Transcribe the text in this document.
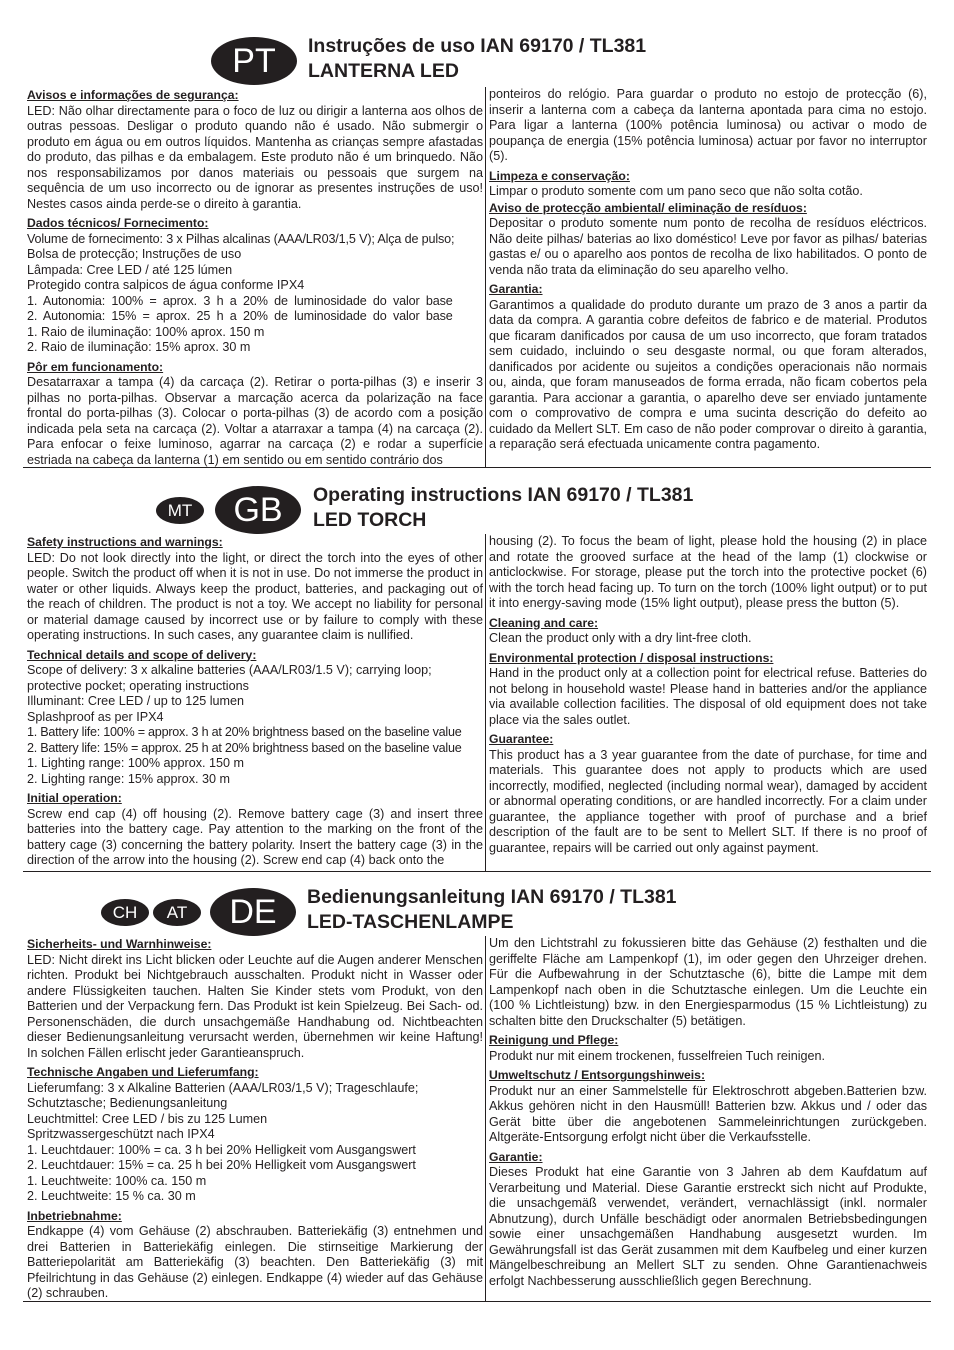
PT	Instruções de uso IAN 69170 / TL381
LANTERNA LED
Avisos e informações de segurança:
LED: Não olhar directamente para o foco de luz ou dirigir a lanterna aos olhos de outras pessoas. Desligar o produto quando não é usado. Não submergir o produto em água ou em outros líquidos. Mantenha as crianças sempre afastadas do produto, das pilhas e da embalagem. Este produto não é um brinquedo. Não nos responsabilizamos por danos materiais ou pessoais que surgem na sequência de um uso incorrecto ou de ignorar as presentes instruções de uso! Nestes casos ainda perde-se o direito à garantia.
Dados técnicos/ Fornecimento:
Volume de fornecimento: 3 x Pilhas alcalinas (AAA/LR03/1,5 V); Alça de pulso;
Bolsa de protecção; Instruções de uso
Lâmpada: Cree LED / até 125 lúmen
Protegido contra salpicos de água conforme IPX4
1. Autonomia: 100% = aprox. 3 h a 20% de luminosidade do valor base
2. Autonomia: 15% = aprox. 25 h a 20% de luminosidade do valor base
1. Raio de iluminação: 100% aprox. 150 m
2. Raio de iluminação: 15% aprox. 30 m
Pôr em funcionamento:
Desatarraxar a tampa (4) da carcaça (2). Retirar o porta-pilhas (3) e inserir 3 pilhas no porta-pilhas. Observar a marcação acerca da polarização na face frontal do porta-pilhas (3). Colocar o porta-pilhas (3) de acordo com a posição indicada pela seta na carcaça (2). Voltar a atarraxar a tampa (4) na carcaça (2). Para enfocar o feixe luminoso, agarrar na carcaça (2) e rodar a superfície estriada na cabeça da lanterna (1) em sentido ou em sentido contrário dos
ponteiros do relógio. Para guardar o produto no estojo de protecção (6), inserir a lanterna com a cabeça da lanterna apontada para cima no estojo. Para ligar a lanterna (100% potência luminosa) ou activar o modo de poupança de energia (15% potência luminosa) actuar por favor no interruptor (5).
Limpeza e conservação:
Limpar o produto somente com um pano seco que não solta cotão.
Aviso de protecção ambiental/ eliminação de resíduos:
Depositar o produto somente num ponto de recolha de resíduos eléctricos. Não deite pilhas/ baterias ao lixo doméstico! Leve por favor as pilhas/ baterias gastas e/ ou o aparelho aos pontos de recolha de lixo habilitados. O ponto de venda não trata da eliminação do seu aparelho velho.
Garantia:
Garantimos a qualidade do produto durante um prazo de 3 anos a partir da data da compra. A garantia cobre defeitos de fabrico e de material. Produtos que ficaram danificados por causa de um uso incorrecto, que foram tratados sem cuidado, incluindo o seu desgaste normal, ou que foram alterados, danificados por acidente ou sujeitos a condições operacionais não normais ou, ainda, que foram manuseados de forma errada, não ficam cobertos pela garantia. Para accionar a garantia, o aparelho deve ser enviado juntamente com o comprovativo de compra e uma sucinta descrição do defeito ao cuidado da Mellert SLT. Em caso de não poder comprovar o direito à garantia, a reparação será efectuada unicamente contra pagamento.
MT	GB	Operating instructions IAN 69170 / TL381
LED TORCH
Safety instructions and warnings:
LED: Do not look directly into the light, or direct the torch into the eyes of other people. Switch the product off when it is not in use. Do not immerse the product in water or other liquids. Always keep the product, batteries, and packaging out of the reach of children. The product is not a toy. We accept no liability for personal or material damage caused by incorrect use or by failure to comply with these operating instructions. In such cases, any guarantee claim is nullified.
Technical details and scope of delivery:
Scope of delivery: 3 x alkaline batteries (AAA/LR03/1.5 V); carrying loop;
protective pocket; operating instructions
Illuminant: Cree LED / up to 125 lumen
Splashproof as per IPX4
1. Battery life: 100% = approx. 3 h at 20% brightness based on the baseline value
2. Battery life: 15% = approx. 25 h at 20% brightness based on the baseline value
1. Lighting range: 100% approx. 150 m
2. Lighting range: 15% approx. 30 m
Initial operation:
Screw end cap (4) off housing (2). Remove battery cage (3) and insert three batteries into the battery cage. Pay attention to the marking on the front of the battery cage (3) concerning the battery polarity. Insert the battery cage (3) in the direction of the arrow into the housing (2). Screw end cap (4) back onto the
housing (2). To focus the beam of light, please hold the housing (2) in place and rotate the grooved surface at the head of the lamp (1) clockwise or anticlockwise. For storage, please put the torch into the protective pocket (6) with the torch head facing up. To turn on the torch (100% light output) or to put it into energy-saving mode (15% light output), please press the button (5).
Cleaning and care:
Clean the product only with a dry lint-free cloth.
Environmental protection / disposal instructions:
Hand in the product only at a collection point for electrical refuse. Batteries do not belong in household waste! Please hand in batteries and/or the appliance via available collection facilities. The disposal of old equipment does not take place via the sales outlet.
Guarantee:
This product has a 3 year guarantee from the date of purchase, for time and materials. This guarantee does not apply to products which are used incorrectly, modified, neglected (including normal wear), damaged by accident or abnormal operating conditions, or are handled incorrectly. For a claim under guarantee, the appliance together with proof of purchase and a brief description of the fault are to be sent to Mellert SLT. If there is no proof of guarantee, repairs will be carried out only against payment.
CH	AT	DE	Bedienungsanleitung IAN 69170 / TL381
LED-TASCHENLAMPE
Sicherheits- und Warnhinweise:
LED: Nicht direkt ins Licht blicken oder Leuchte auf die Augen anderer Menschen richten. Produkt bei Nichtgebrauch ausschalten. Produkt nicht in Wasser oder andere Flüssigkeiten tauchen. Halten Sie Kinder stets vom Produkt, von den Batterien und der Verpackung fern. Das Produkt ist kein Spielzeug. Bei Sach- od. Personenschäden, die durch unsachgemäße Handhabung od. Nichtbeachten dieser Bedienungsanleitung verursacht werden, übernehmen wir keine Haftung! In solchen Fällen erlischt jeder Garantieanspruch.
Technische Angaben und Lieferumfang:
Lieferumfang: 3 x Alkaline Batterien (AAA/LR03/1,5 V); Trageschlaufe;
Schutztasche; Bedienungsanleitung
Leuchtmittel: Cree LED / bis zu 125 Lumen
Spritzwassergeschützt nach IPX4
1. Leuchtdauer: 100% = ca. 3 h bei 20% Helligkeit vom Ausgangswert
2. Leuchtdauer: 15% = ca. 25 h bei 20% Helligkeit vom Ausgangswert
1. Leuchtweite: 100% ca. 150 m
2. Leuchtweite: 15 % ca. 30 m
Inbetriebnahme:
Endkappe (4) vom Gehäuse (2) abschrauben. Batteriekäfig (3) entnehmen und drei Batterien in Batteriekäfig einlegen. Die stirnseitige Markierung der Batteriepolarität am Batteriekäfig (3) beachten. Den Batteriekäfig (3) mit Pfeilrichtung in das Gehäuse (2) einlegen. Endkappe (4) wieder auf das Gehäuse (2) schrauben.
Um den Lichtstrahl zu fokussieren bitte das Gehäuse (2) festhalten und die geriffelte Fläche am Lampenkopf (1), im oder gegen den Uhrzeiger drehen. Für die Aufbewahrung in der Schutztasche (6), bitte die Lampe mit dem Lampenkopf nach oben in die Schutztasche einlegen. Um die Leuchte ein (100 % Lichtleistung) bzw. in den Energiesparmodus (15 % Lichtleistung) zu schalten bitte den Druckschalter (5) betätigen.
Reinigung und Pflege:
Produkt nur mit einem trockenen, fusselfreien Tuch reinigen.
Umweltschutz / Entsorgungshinweis:
Produkt nur an einer Sammelstelle für Elektroschrott abgeben.Batterien bzw. Akkus gehören nicht in den Hausmüll! Batterien bzw. Akkus und / oder das Gerät bitte über die angebotenen Sammeleinrichtungen zurückgeben. Altgeräte-Entsorgung erfolgt nicht über die Verkaufsstelle.
Garantie:
Dieses Produkt hat eine Garantie von 3 Jahren ab dem Kaufdatum auf Verarbeitung und Material. Diese Garantie erstreckt sich nicht auf Produkte, die unsachgemäß verwendet, verändert, vernachlässigt (inkl. normaler Abnutzung), durch Unfälle beschädigt oder anormalen Betriebsbedingungen sowie einer unsachgemäßen Handhabung ausgesetzt wurden. Im Gewährungsfall ist das Gerät zusammen mit dem Kaufbeleg und einer kurzen Mängelbeschreibung an Mellert SLT zu senden. Ohne Garantienachweis erfolgt Nachbesserung ausschließlich gegen Berechnung.
